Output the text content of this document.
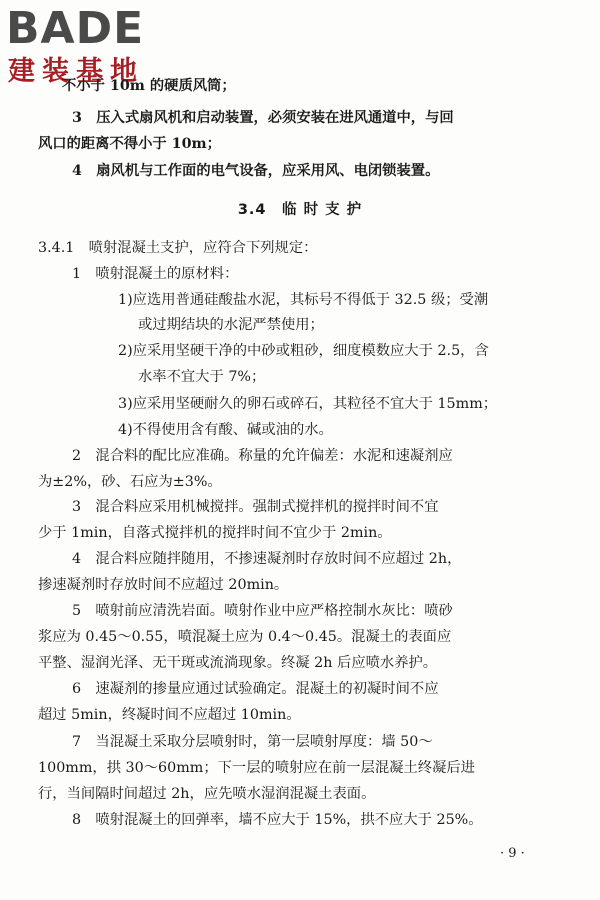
BADE
建装基地
不小于 10m 的硬质风筒；
3　压入式扇风机和启动装置，必须安装在进风通道中，与回
风口的距离不得小于 10m；
4　扇风机与工作面的电气设备，应采用风、电闭锁装置。
3.4　临 时 支 护
3.4.1　喷射混凝土支护，应符合下列规定：
1　喷射混凝土的原材料：
1)应选用普通硅酸盐水泥，其标号不得低于 32.5 级；受潮
或过期结块的水泥严禁使用；
2)应采用坚硬干净的中砂或粗砂，细度模数应大于 2.5，含
水率不宜大于 7%；
3)应采用坚硬耐久的卵石或碎石，其粒径不宜大于 15mm；
4)不得使用含有酸、碱或油的水。
2　混合料的配比应准确。称量的允许偏差：水泥和速凝剂应
为±2%，砂、石应为±3%。
3　混合料应采用机械搅拌。强制式搅拌机的搅拌时间不宜
少于 1min，自落式搅拌机的搅拌时间不宜少于 2min。
4　混合料应随拌随用，不掺速凝剂时存放时间不应超过 2h，
掺速凝剂时存放时间不应超过 20min。
5　喷射前应清洗岩面。喷射作业中应严格控制水灰比：喷砂
浆应为 0.45～0.55，喷混凝土应为 0.4～0.45。混凝土的表面应
平整、湿润光泽、无干斑或流淌现象。终凝 2h 后应喷水养护。
6　速凝剂的掺量应通过试验确定。混凝土的初凝时间不应
超过 5min，终凝时间不应超过 10min。
7　当混凝土采取分层喷射时，第一层喷射厚度：墙 50～
100mm，拱 30～60mm；下一层的喷射应在前一层混凝土终凝后进
行，当间隔时间超过 2h，应先喷水湿润混凝土表面。
8　喷射混凝土的回弹率，墙不应大于 15%，拱不应大于 25%。
· 9 ·
